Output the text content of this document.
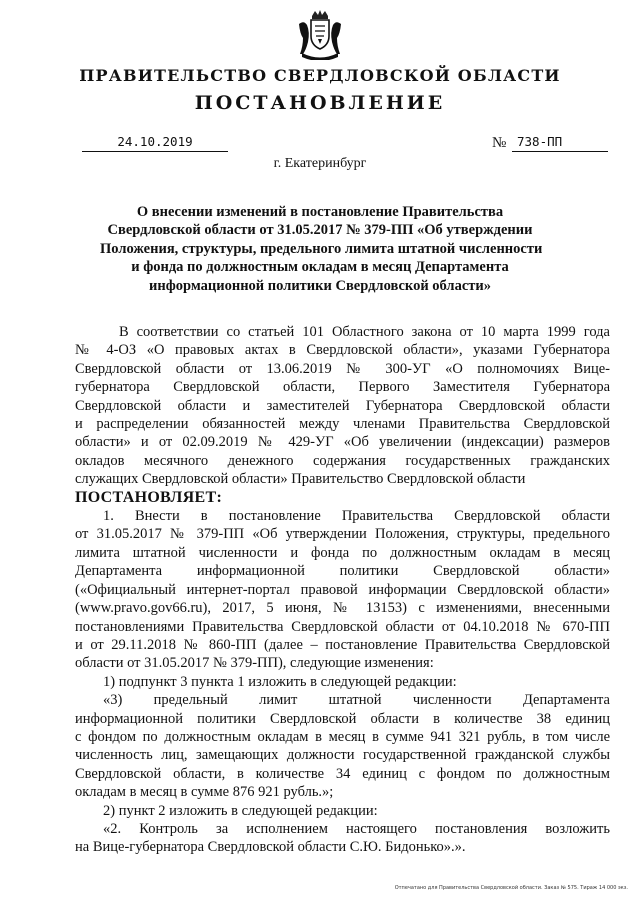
ПРАВИТЕЛЬСТВО СВЕРДЛОВСКОЙ ОБЛАСТИ
ПОСТАНОВЛЕНИЕ
24.10.2019	№ 738-ПП
г. Екатеринбург
О внесении изменений в постановление Правительства
Свердловской области от 31.05.2017 № 379-ПП «Об утверждении
Положения, структуры, предельного лимита штатной численности
и фонда по должностным окладам в месяц Департамента
информационной политики Свердловской области»

В соответствии со статьей 101 Областного закона от 10 марта 1999 года

№ 4-ОЗ «О правовых актах в Свердловской области», указами Губернатора

Свердловской области от 13.06.2019 № 300-УГ «О полномочиях Вице-

губернатора Свердловской области, Первого Заместителя Губернатора

Свердловской области и заместителей Губернатора Свердловской области

и распределении обязанностей между членами Правительства Свердловской

области» и от 02.09.2019 № 429-УГ «Об увеличении (индексации) размеров

окладов месячного денежного содержания государственных гражданских

служащих Свердловской области» Правительство Свердловской области

ПОСТАНОВЛЯЕТ:

1. Внести в постановление Правительства Свердловской области

от 31.05.2017 № 379-ПП «Об утверждении Положения, структуры, предельного

лимита штатной численности и фонда по должностным окладам в месяц

Департамента информационной политики Свердловской области»

(«Официальный интернет-портал правовой информации Свердловской области»

(www.pravo.gov66.ru), 2017, 5 июня, № 13153) с изменениями, внесенными

постановлениями Правительства Свердловской области от 04.10.2018 № 670-ПП

и от 29.11.2018 № 860-ПП (далее – постановление Правительства Свердловской

области от 31.05.2017 № 379-ПП), следующие изменения:

1) подпункт 3 пункта 1 изложить в следующей редакции:

«3) предельный лимит штатной численности Департамента

информационной политики Свердловской области в количестве 38 единиц

с фондом по должностным окладам в месяц в сумме 941 321 рубль, в том числе

численность лиц, замещающих должности государственной гражданской службы

Свердловской области, в количестве 34 единиц с фондом по должностным

окладам в месяц в сумме 876 921 рубль.»;

2) пункт 2 изложить в следующей редакции:

«2. Контроль за исполнением настоящего постановления возложить

на Вице-губернатора Свердловской области С.Ю. Бидонько».».

Отпечатано для Правительства Свердловской области. Заказ № 575. Тираж 14 000 экз.
